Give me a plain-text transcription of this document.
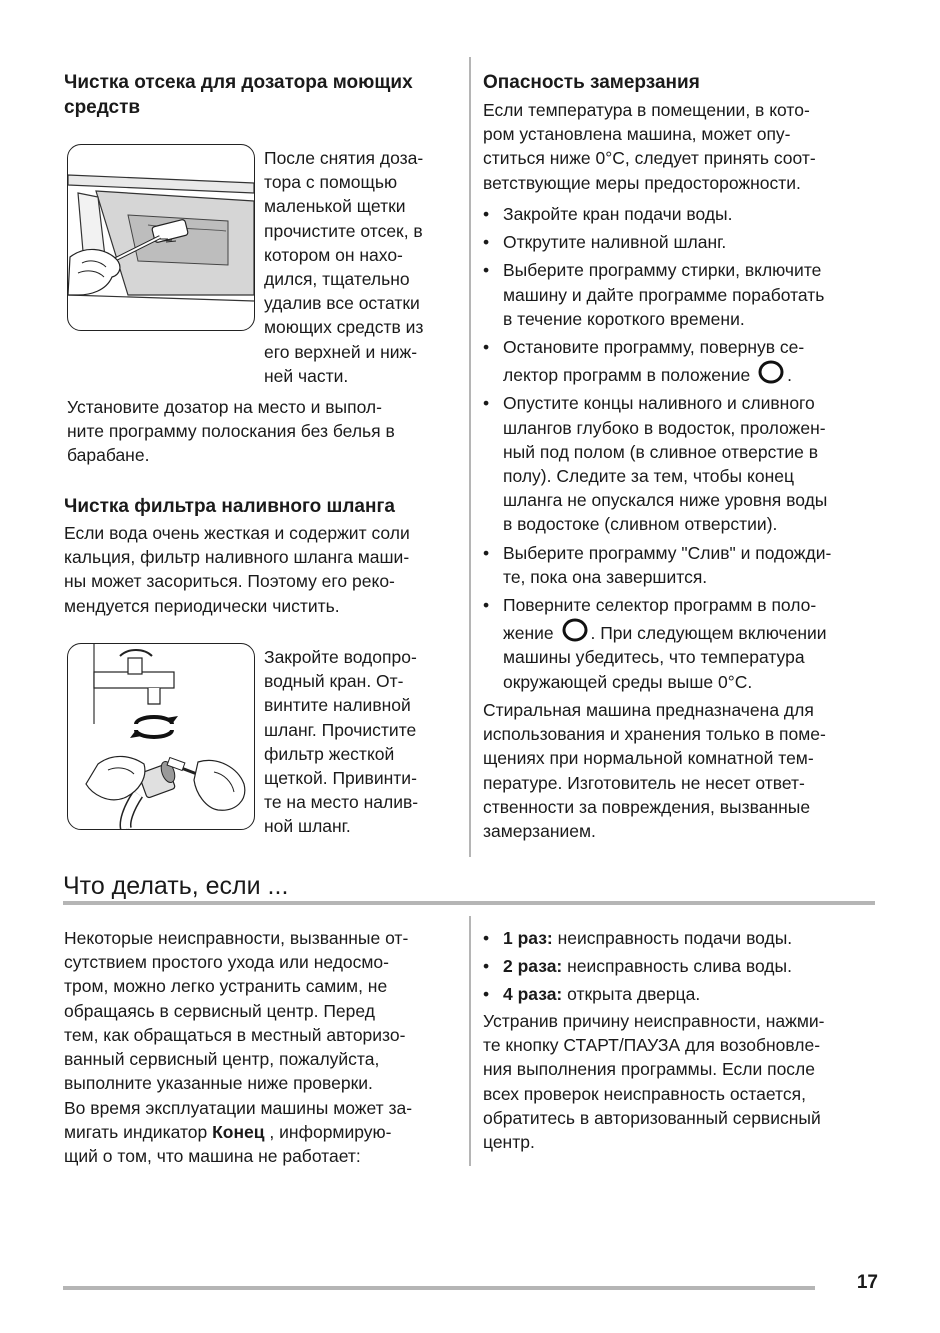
Чистка отсека для дозатора моющих
средств
После снятия доза-
тора с помощью
маленькой щетки
прочистите отсек, в
котором он нахо-
дился, тщательно
удалив все остатки
моющих средств из
его верхней и ниж-
ней части.
Установите дозатор на место и выпол-
ните программу полоскания без белья в
барабане.
Чистка фильтра наливного шланга
Если вода очень жесткая и содержит соли
кальция, фильтр наливного шланга маши-
ны может засориться. Поэтому его реко-
мендуется периодически чистить.
Закройте водопро-
водный кран. От-
винтите наливной
шланг. Прочистите
фильтр жесткой
щеткой. Привинти-
те на место налив-
ной шланг.
Опасность замерзания
Если температура в помещении, в кото-
ром установлена машина, может опу-
ститься ниже 0°C, следует принять соот-
ветствующие меры предосторожности.
• Закройте кран подачи воды.
• Открутите наливной шланг.
• Выберите программу стирки, включите
машину и дайте программе поработать
в течение короткого времени.
• Остановите программу, повернув се-
лектор программ в положение .
• Опустите концы наливного и сливного
шлангов глубоко в водосток, проложен-
ный под полом (в сливное отверстие в
полу). Следите за тем, чтобы конец
шланга не опускался ниже уровня воды
в водостоке (сливном отверстии).
• Выберите программу "Слив" и подожди-
те, пока она завершится.
• Поверните селектор программ в поло-
жение . При следующем включении
машины убедитесь, что температура
окружающей среды выше 0°C.
Стиральная машина предназначена для
использования и хранения только в поме-
щениях при нормальной комнатной тем-
пературе. Изготовитель не несет ответ-
ственности за повреждения, вызванные
замерзанием.
Что делать, если ...
Некоторые неисправности, вызванные от-
сутствием простого ухода или недосмо-
тром, можно легко устранить самим, не
обращаясь в сервисный центр. Перед
тем, как обращаться в местный авторизо-
ванный сервисный центр, пожалуйста,
выполните указанные ниже проверки.
Во время эксплуатации машины может за-
мигать индикатор Конец , информирую-
щий о том, что машина не работает:
• 1 раз: неисправность подачи воды.
• 2 раза: неисправность слива воды.
• 4 раза: открыта дверца.
Устранив причину неисправности, нажми-
те кнопку СТАРТ/ПАУЗА для возобновле-
ния выполнения программы. Если после
всех проверок неисправность остается,
обратитесь в авторизованный сервисный
центр.
17
